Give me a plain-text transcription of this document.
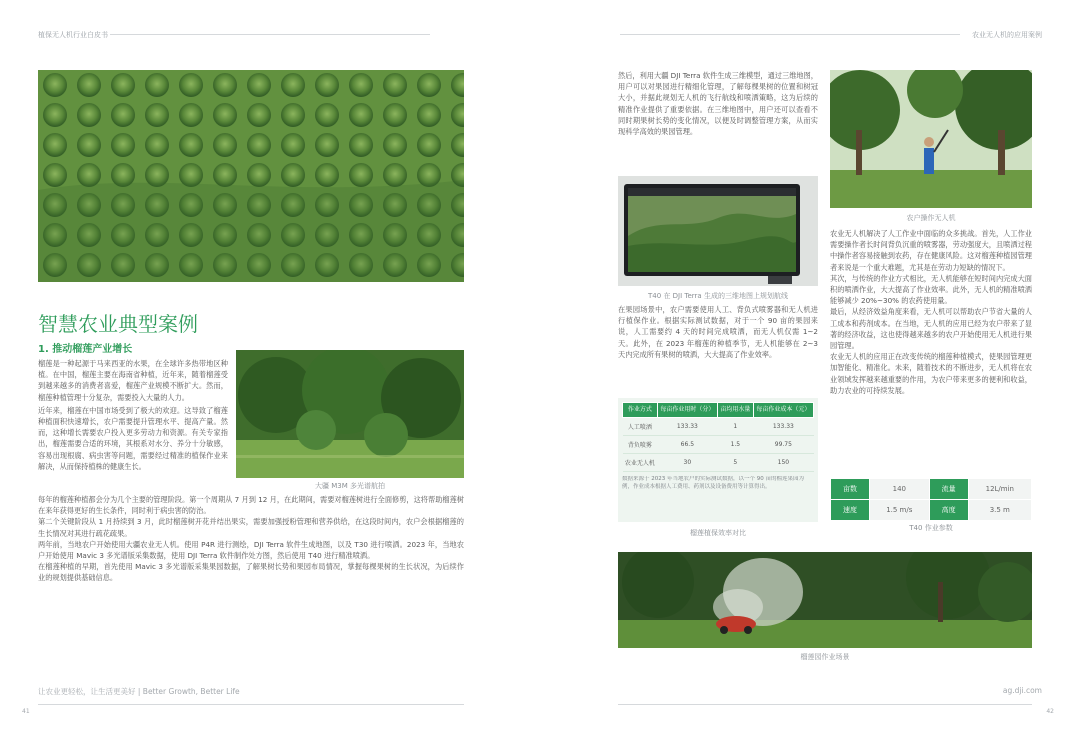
植保无人机行业白皮书	农业无人机的应用案例
智慧农业典型案例
1. 推动榴莲产业增长

榴莲是一种起源于马来西亚的水果，在全球许多热带地区种植。在中国，榴莲主要在海南省种植，近年来，随着榴莲受到越来越多的消费者喜爱，榴莲产业规模不断扩大。然而，榴莲种植管理十分复杂，需要投入大量的人力。

近年来，榴莲在中国市场受到了极大的欢迎。这导致了榴莲种植面积快速增长，农户需要提升管理水平、提高产量。然而，这种增长需要农户投入更多劳动力和资源。有关专家指出，榴莲需要合适的环境，其根系对水分、养分十分敏感，容易出现根腐、病虫害等问题，需要经过精准的植保作业来解决，从而保持植株的健康生长。

大疆 M3M 多光谱航拍

每年的榴莲种植都会分为几个主要的管理阶段。第一个周期从 7 月到 12 月，在此期间，需要对榴莲树进行全面修剪，这将帮助榴莲树在来年获得更好的生长条件，同时利于病虫害的防治。

第二个关键阶段从 1 月持续到 3 月，此时榴莲树开花并结出果实，需要加强授粉管理和营养供给，在这段时间内，农户会根据榴莲的生长情况对其进行疏花疏果。

两年前，当地农户开始使用大疆农业无人机。使用 P4R 进行测绘，DJI Terra 软件生成地图，以及 T30 进行喷洒。2023 年，当地农户开始使用 Mavic 3 多光谱版采集数据，使用 DJI Terra 软件制作处方图，然后使用 T40 进行精准喷洒。

在榴莲种植的早期，首先使用 Mavic 3 多光谱版采集果园数据，了解果树长势和果园布局情况，掌握每棵果树的生长状况，为后续作业的规划提供基础信息。

让农业更轻松，让生活更美好 | Better Growth, Better Life
41
然后，利用大疆 DJI Terra 软件生成三维模型，通过三维地图，用户可以对果园进行精细化管理，了解每棵果树的位置和树冠大小，并据此规划无人机的飞行航线和喷洒策略，这为后续的精准作业提供了重要依据。在三维地图中，用户还可以查看不同时期果树长势的变化情况，以便及时调整管理方案，从而实现科学高效的果园管理。
T40 在 DJI Terra 生成的三维地图上规划航线
在果园场景中，农户需要使用人工、背负式喷雾器和无人机进行植保作业。根据实际测试数据，对于一个 90 亩的果园来说，人工需要约 4 天的时间完成喷洒，而无人机仅需 1~2 天。此外，在 2023 年榴莲的种植季节，无人机能够在 2~3 天内完成所有果树的喷洒，大大提高了作业效率。
作业方式	每亩作业用时（分）	亩均用水量	每亩作业成本（元）
人工喷洒	133.33	1	133.33
背负喷雾	66.5	1.5	99.75
农业无人机	30	5	150
数据来源于 2023 年当地农户的实际测试数据，以一个 90 亩的榴莲果园为例，作业成本根据人工费用、药剂以及设备费用等计算得出。
榴莲植保效率对比
农户操作无人机

农业无人机解决了人工作业中面临的众多挑战。首先，人工作业需要操作者长时间背负沉重的喷雾器，劳动强度大，且喷洒过程中操作者容易接触到农药，存在健康风险。这对榴莲种植园管理者来说是一个重大难题，尤其是在劳动力短缺的情况下。

其次，与传统的作业方式相比，无人机能够在短时间内完成大面积的喷洒作业，大大提高了作业效率。此外，无人机的精准喷洒能够减少 20%~30% 的农药使用量。

最后，从经济效益角度来看，无人机可以帮助农户节省大量的人工成本和药剂成本。在当地，无人机的应用已经为农户带来了显著的经济收益，这也使得越来越多的农户开始使用无人机进行果园管理。

农业无人机的应用正在改变传统的榴莲种植模式，使果园管理更加智能化、精准化。未来，随着技术的不断进步，无人机将在农业领域发挥越来越重要的作用，为农户带来更多的便利和收益，助力农业的可持续发展。

亩数	140	流量	12L/min
速度	1.5 m/s	高度	3.5 m
T40 作业参数
榴莲园作业场景
ag.dji.com
42
